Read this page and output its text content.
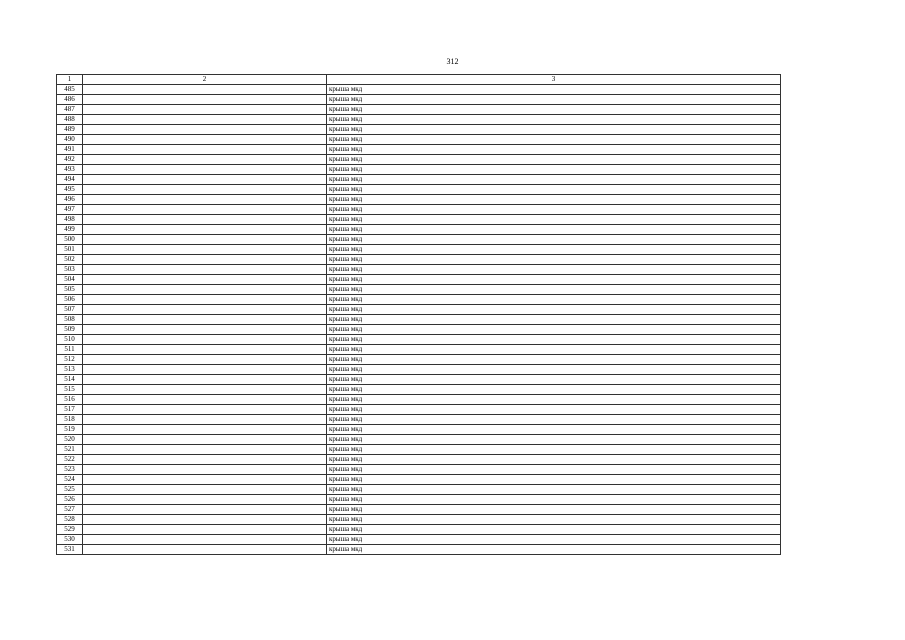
312
1	2	3
485		крыша мкд
486		крыша мкд
487		крыша мкд
488		крыша мкд
489		крыша мкд
490		крыша мкд
491		крыша мкд
492		крыша мкд
493		крыша мкд
494		крыша мкд
495		крыша мкд
496		крыша мкд
497		крыша мкд
498		крыша мкд
499		крыша мкд
500		крыша мкд
501		крыша мкд
502		крыша мкд
503		крыша мкд
504		крыша мкд
505		крыша мкд
506		крыша мкд
507		крыша мкд
508		крыша мкд
509		крыша мкд
510		крыша мкд
511		крыша мкд
512		крыша мкд
513		крыша мкд
514		крыша мкд
515		крыша мкд
516		крыша мкд
517		крыша мкд
518		крыша мкд
519		крыша мкд
520		крыша мкд
521		крыша мкд
522		крыша мкд
523		крыша мкд
524		крыша мкд
525		крыша мкд
526		крыша мкд
527		крыша мкд
528		крыша мкд
529		крыша мкд
530		крыша мкд
531		крыша мкд
